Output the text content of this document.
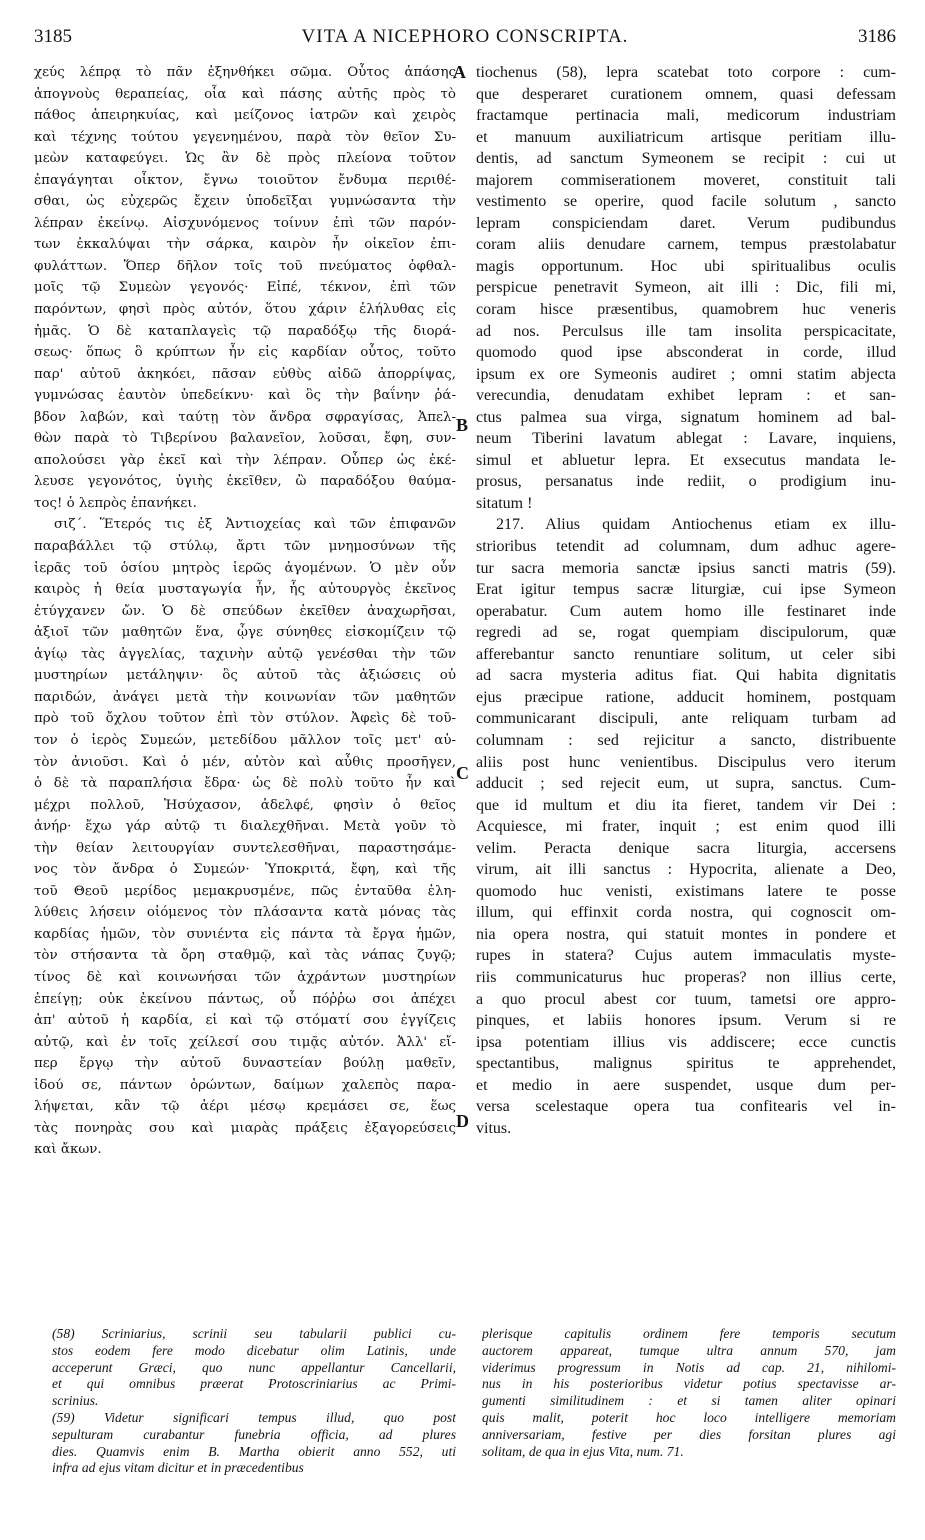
3185	VITA A NICEPHORO CONSCRIPTA.	3186
χεύς λέπρᾳ τὸ πᾶν ἐξηνθήκει σῶμα. Οὗτος ἁπάσης
ἀπογνοὺς θεραπείας, οἷα καὶ πάσης αὐτῆς πρὸς τὸ
πάθος ἀπειρηκυίας, καὶ μείζονος ἰατρῶν καὶ χειρὸς
καὶ τέχνης τούτου γεγενημένου, παρὰ τὸν θεῖον Συ-
μεὼν καταφεύγει. Ὡς ἂν δὲ πρὸς πλείονα τοῦτον
ἐπαγάγηται οἶκτον, ἔγνω τοιοῦτον ἔνδυμα περιθέ-
σθαι, ὡς εὐχερῶς ἔχειν ὑποδεῖξαι γυμνώσαντα τὴν
λέπραν ἐκείνῳ. Αἰσχυνόμενος τοίνυν ἐπὶ τῶν παρόν-
των ἐκκαλύψαι τὴν σάρκα, καιρὸν ἦν οἰκεῖον ἐπι-
φυλάττων. Ὅπερ δῆλον τοῖς τοῦ πνεύματος ὀφθαλ-
μοῖς τῷ Συμεὼν γεγονός· Εἰπέ, τέκνον, ἐπὶ τῶν
παρόντων, φησὶ πρὸς αὐτόν, ὅτου χάριν ἐλήλυθας εἰς
ἡμᾶς. Ὁ δὲ καταπλαγεὶς τῷ παραδόξῳ τῆς διορά-
σεως· ὅπως ὃ κρύπτων ἦν εἰς καρδίαν οὗτος, τοῦτο
παρ' αὐτοῦ ἀκηκόει, πᾶσαν εὐθὺς αἰδῶ ἀπορρίψας,
γυμνώσας ἑαυτὸν ὑπεδείκνυ· καὶ ὃς τὴν βαΐνην ῥά-
βδον λαβών, καὶ ταύτῃ τὸν ἄνδρα σφραγίσας, Ἀπελ-
θὼν παρὰ τὸ Τιβερίνου βαλανεῖον, λοῦσαι, ἔφη, συν-
απολούσει γὰρ ἐκεῖ καὶ τὴν λέπραν. Οὗπερ ὡς ἐκέ-
λευσε γεγονότος, ὑγιὴς ἐκεῖθεν, ὢ παραδόξου θαύμα-
τος! ὁ λεπρὸς ἐπανήκει.
σιζ΄. Ἕτερός τις ἐξ Ἀντιοχείας καὶ τῶν ἐπιφανῶν
παραβάλλει τῷ στύλῳ, ἄρτι τῶν μνημοσύνων τῆς
ἱερᾶς τοῦ ὁσίου μητρὸς ἱερῶς ἀγομένων. Ὁ μὲν οὖν
καιρὸς ἡ θεία μυσταγωγία ἦν, ἧς αὐτουργὸς ἐκεῖνος
ἐτύγχανεν ὤν. Ὁ δὲ σπεύδων ἐκεῖθεν ἀναχωρῆσαι,
ἀξιοῖ τῶν μαθητῶν ἕνα, ᾧγε σύνηθες εἰσκομίζειν τῷ
ἁγίῳ τὰς ἀγγελίας, ταχινὴν αὐτῷ γενέσθαι τὴν τῶν
μυστηρίων μετάληψιν· ὃς αὐτοῦ τὰς ἀξιώσεις οὐ
παριδών, ἀνάγει μετὰ τὴν κοινωνίαν τῶν μαθητῶν
πρὸ τοῦ ὄχλου τοῦτον ἐπὶ τὸν στύλον. Ἀφεὶς δὲ τοῦ-
τον ὁ ἱερὸς Συμεών, μετεδίδου μᾶλλον τοῖς μετ' αὐ-
τὸν ἀνιοῦσι. Καὶ ὁ μέν, αὐτὸν καὶ αὖθις προσῆγεν,
ὁ δὲ τὰ παραπλήσια ἔδρα· ὡς δὲ πολὺ τοῦτο ἦν καὶ
μέχρι πολλοῦ, Ἡσύχασον, ἀδελφέ, φησὶν ὁ θεῖος
ἀνήρ· ἔχω γάρ αὐτῷ τι διαλεχθῆναι. Μετὰ γοῦν τὸ
τὴν θείαν λειτουργίαν συντελεσθῆναι, παραστησάμε-
νος τὸν ἄνδρα ὁ Συμεών· Ὑποκριτά, ἔφη, καὶ τῆς
τοῦ Θεοῦ μερίδος μεμακρυσμένε, πῶς ἐνταῦθα ἐλη-
λύθεις λήσειν οἰόμενος τὸν πλάσαντα κατὰ μόνας τὰς
καρδίας ἡμῶν, τὸν συνιέντα εἰς πάντα τὰ ἔργα ἡμῶν,
τὸν στήσαντα τὰ ὄρη σταθμῷ, καὶ τὰς νάπας ζυγῷ;
τίνος δὲ καὶ κοινωνήσαι τῶν ἀχράντων μυστηρίων
ἐπείγῃ; οὐκ ἐκείνου πάντως, οὗ πόῤῥω σοι ἀπέχει
ἀπ' αὐτοῦ ἡ καρδία, εἰ καὶ τῷ στόματί σου ἐγγίζεις
αὐτῷ, καὶ ἐν τοῖς χείλεσί σου τιμᾷς αὐτόν. Ἀλλ' εἴ-
περ ἔργῳ τὴν αὐτοῦ δυναστείαν βούλῃ μαθεῖν,
ἰδού σε, πάντων ὁρώντων, δαίμων χαλεπὸς παρα-
λήψεται, κἂν τῷ ἀέρι μέσῳ κρεμάσει σε, ἕως
τὰς πονηρὰς σου καὶ μιαρὰς πράξεις ἐξαγορεύσεις
καὶ ἄκων.
tiochenus (58), lepra scatebat toto corpore : cum-
que desperaret curationem omnem, quasi defessam
fractamque pertinacia mali, medicorum industriam
et manuum auxiliatricum artisque peritiam illu-
dentis, ad sanctum Symeonem se recipit : cui ut
majorem commiserationem moveret, constituit tali
vestimento se operire, quod facile solutum , sancto
lepram conspiciendam daret. Verum pudibundus
coram aliis denudare carnem, tempus præstolabatur
magis opportunum. Hoc ubi spiritualibus oculis
perspicue penetravit Symeon, ait illi : Dic, fili mi,
coram hisce præsentibus, quamobrem huc veneris
ad nos. Perculsus ille tam insolita perspicacitate,
quomodo quod ipse absconderat in corde, illud
ipsum ex ore Symeonis audiret ; omni statim abjecta
verecundia, denudatam exhibet lepram : et san-
ctus palmea sua virga, signatum hominem ad bal-
neum Tiberini lavatum ablegat : Lavare, inquiens,
simul et abluetur lepra. Et exsecutus mandata le-
prosus, persanatus inde rediit, o prodigium inu-
sitatum !
217. Alius quidam Antiochenus etiam ex illu-
strioribus tetendit ad columnam, dum adhuc agere-
tur sacra memoria sanctæ ipsius sancti matris (59).
Erat igitur tempus sacræ liturgiæ, cui ipse Symeon
operabatur. Cum autem homo ille festinaret inde
regredi ad se, rogat quempiam discipulorum, quæ
afferebantur sancto renuntiare solitum, ut celer sibi
ad sacra mysteria aditus fiat. Qui habita dignitatis
ejus præcipue ratione, adducit hominem, postquam
communicarant discipuli, ante reliquam turbam ad
columnam : sed rejicitur a sancto, distribuente
aliis post hunc venientibus. Discipulus vero iterum
adducit ; sed rejecit eum, ut supra, sanctus. Cum-
que id multum et diu ita fieret, tandem vir Dei :
Acquiesce, mi frater, inquit ; est enim quod illi
velim. Peracta denique sacra liturgia, accersens
virum, ait illi sanctus : Hypocrita, alienate a Deo,
quomodo huc venisti, existimans latere te posse
illum, qui effinxit corda nostra, qui cognoscit om-
nia opera nostra, qui statuit montes in pondere et
rupes in statera? Cujus autem immaculatis myste-
riis communicaturus huc properas? non illius certe,
a quo procul abest cor tuum, tametsi ore appro-
pinques, et labiis honores ipsum. Verum si re
ipsa potentiam illius vis addiscere; ecce cunctis
spectantibus, malignus spiritus te apprehendet,
et medio in aere suspendet, usque dum per-
versa scelestaque opera tua confitearis vel in-
vitus.
A
B
C
D
(58) Scriniarius, scrinii seu tabularii publici cu-
stos eodem fere modo dicebatur olim Latinis, unde
acceperunt Græci, quo nunc appellantur Cancellarii,
et qui omnibus præerat Protoscriniarius ac Primi-
scrinius.
(59) Videtur significari tempus illud, quo post
sepulturam curabantur funebria officia, ad plures
dies. Quamvis enim B. Martha obierit anno 552, uti
infra ad ejus vitam dicitur et in præcedentibus
plerisque capitulis ordinem fere temporis secutum
auctorem appareat, tumque ultra annum 570, jam
viderimus progressum in Notis ad cap. 21, nihilomi-
nus in his posterioribus videtur potius spectavisse ar-
gumenti similitudinem : et si tamen aliter opinari
quis malit, poterit hoc loco intelligere memoriam
anniversariam, festive per dies forsitan plures agi
solitam, de qua in ejus Vita, num. 71.
